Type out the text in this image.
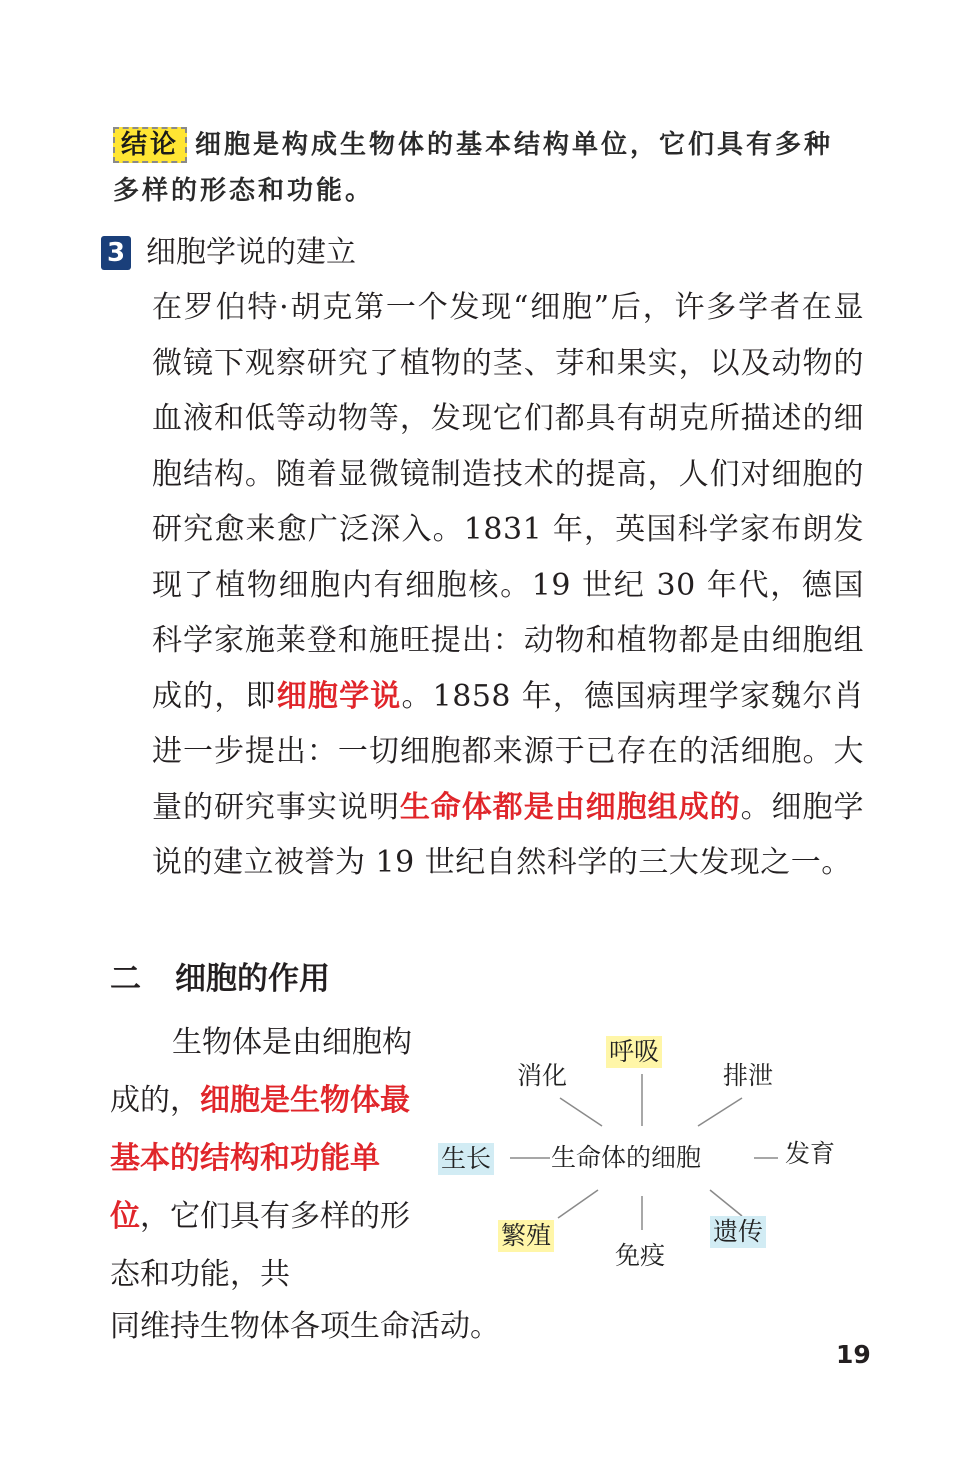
结论 细胞是构成生物体的基本结构单位，它们具有多种多样的形态和功能。
3 细胞学说的建立
在罗伯特·胡克第一个发现“细胞”后，许多学者在显微镜下观察研究了植物的茎、芽和果实，以及动物的血液和低等动物等，发现它们都具有胡克所描述的细胞结构。随着显微镜制造技术的提高，人们对细胞的研究愈来愈广泛深入。1831 年，英国科学家布朗发现了植物细胞内有细胞核。19 世纪 30 年代，德国科学家施莱登和施旺提出：动物和植物都是由细胞组成的，即细胞学说。1858 年，德国病理学家魏尔肖进一步提出：一切细胞都来源于已存在的活细胞。大量的研究事实说明生命体都是由细胞组成的。细胞学说的建立被誉为 19 世纪自然科学的三大发现之一。
二 细胞的作用
生物体是由细胞构成的，细胞是生物体最基本的结构和功能单位，它们具有多样的形态和功能，共
同维持生物体各项生命活动。
生命体的细胞
呼吸
消化	排泄
生长	发育
繁殖
免疫
遗传
19
